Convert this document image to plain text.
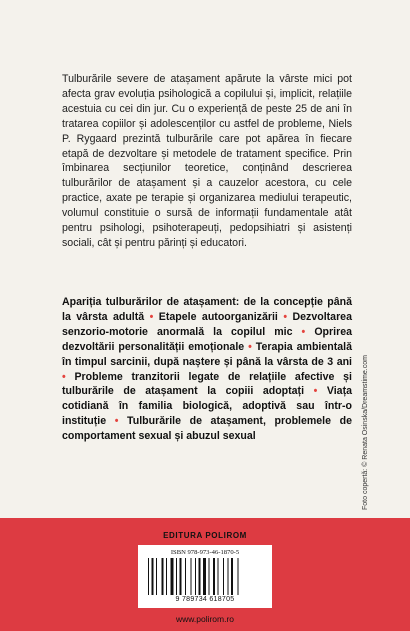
Tulburările severe de atașament apărute la vârste mici pot afecta grav evoluția psihologică a copilului și, implicit, relațiile acestuia cu cei din jur. Cu o experiență de peste 25 de ani în tratarea copiilor și adolescenților cu astfel de probleme, Niels P. Rygaard prezintă tulburările care pot apărea în fiecare etapă de dezvoltare și metodele de tratament specifice. Prin îmbinarea secțiunilor teoretice, conținând descrierea tulburărilor de atașament și a cauzelor acestora, cu cele practice, axate pe terapie și organizarea mediului terapeutic, volumul constituie o sursă de informații fundamentale atât pentru psihologi, psihoterapeuți, pedopsihiatri și asistenți sociali, cât și pentru părinți și educatori.

Apariția tulburărilor de atașament: de la concepție până la vârsta adultă • Etapele autoorganizării • Dezvoltarea senzorio-motorie anormală la copilul mic • Oprirea dezvoltării personalității emoționale • Terapia ambientală în timpul sarcinii, după naștere și până la vârsta de 3 ani • Probleme tranzitorii legate de relațiile afective și tulburările de atașament la copiii adoptați • Viața cotidiană în familia biologică, adoptivă sau într-o instituție • Tulburările de atașament, problemele de comportament sexual și abuzul sexual	Foto copertă: © Renata Osinska/Dreamstime.com
EDITURA POLIROM
ISBN 978-973-46-1870-5
9 789734 618705
www.polirom.ro
